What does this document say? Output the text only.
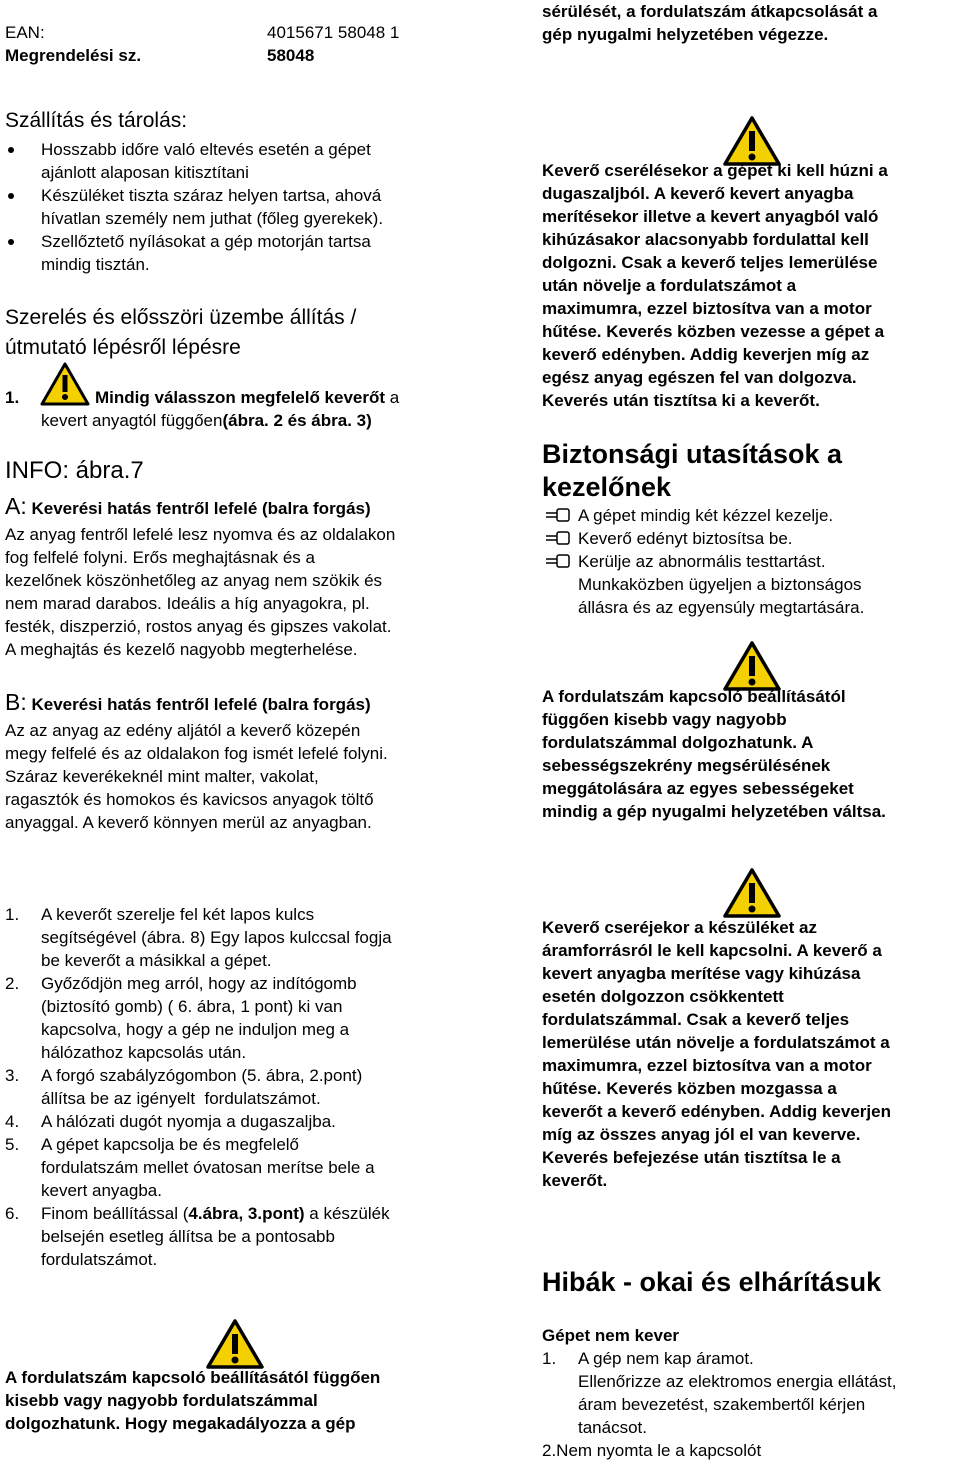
EAN:	4015671 58048 1
Megrendelési sz.	58048
sérülését, a fordulatszám átkapcsolását a
gép nyugalmi helyzetében végezze.
Szállítás és tárolás:
Hosszabb időre való eltevés esetén a gépet
ajánlott alaposan kitisztítani
Készüléket tiszta száraz helyen tartsa, ahová
hívatlan személy nem juthat (főleg gyerekek).
Szellőztető nyílásokat a gép motorján tartsa
mindig tisztán.
Szerelés és elősszöri üzembe állítás /
útmutató lépésről lépésre
1.	Mindig válasszon megfelelő keverőt a
kevert anyagtól függően(ábra. 2 és ábra. 3)
INFO: ábra.7
A: Keverési hatás fentről lefelé (balra forgás)
Az anyag fentről lefelé lesz nyomva és az oldalakon
fog felfelé folyni. Erős meghajtásnak és a
kezelőnek köszönhetőleg az anyag nem szökik és
nem marad darabos. Ideális a híg anyagokra, pl.
festék, diszperzió, rostos anyag és gipszes vakolat.
A meghajtás és kezelő nagyobb megterhelése.
B: Keverési hatás fentről lefelé (balra forgás)
Az az anyag az edény aljától a keverő közepén
megy felfelé és az oldalakon fog ismét lefelé folyni.
Száraz keverékeknél mint malter, vakolat,
ragasztók és homokos és kavicsos anyagok töltő
anyaggal. A keverő könnyen merül az anyagban.
Keverő cserélésekor a gépet ki kell húzni a
dugaszaljból. A keverő kevert anyagba
merítésekor illetve a kevert anyagból való
kihúzásakor alacsonyabb fordulattal kell
dolgozni. Csak a keverő teljes lemerülése
után növelje a fordulatszámot a
maximumra, ezzel biztosítva van a motor
hűtése. Keverés közben vezesse a gépet a
keverő edényben. Addig keverjen míg az
egész anyag egészen fel van dolgozva.
Keverés után tisztítsa ki a keverőt.
Biztonsági utasítások a
kezelőnek
A gépet mindig két kézzel kezelje.
Keverő edényt biztosítsa be.
Kerülje az abnormális testtartást.
Munkaközben ügyeljen a biztonságos
állásra és az egyensúly megtartására.
A fordulatszám kapcsoló beállításától
függően kisebb vagy nagyobb
fordulatszámmal dolgozhatunk. A
sebességszekrény megsérülésének
meggátolására az egyes sebességeket
mindig a gép nyugalmi helyzetében váltsa.
1.	A keverőt szerelje fel két lapos kulcs
segítségével (ábra. 8) Egy lapos kulccsal fogja
be keverőt a másikkal a gépet.
2.	Győződjön meg arról, hogy az indítógomb
(biztosító gomb) ( 6. ábra, 1 pont) ki van
kapcsolva, hogy a gép ne induljon meg a
hálózathoz kapcsolás után.
3.	A forgó szabályzógombon (5. ábra, 2.pont)
állítsa be az igényelt  fordulatszámot.
4.	A hálózati dugót nyomja a dugaszaljba.
5.	A gépet kapcsolja be és megfelelő
fordulatszám mellet óvatosan merítse bele a
kevert anyagba.
6.	Finom beállítással (4.ábra, 3.pont) a készülék
belsején esetleg állítsa be a pontosabb
fordulatszámot.
A fordulatszám kapcsoló beállításától függően
kisebb vagy nagyobb fordulatszámmal
dolgozhatunk. Hogy megakadályozza a gép
Keverő cseréjekor a készüléket az
áramforrásról le kell kapcsolni. A keverő a
kevert anyagba merítése vagy kihúzása
esetén dolgozzon csökkentett
fordulatszámmal. Csak a keverő teljes
lemerülése után növelje a fordulatszámot a
maximumra, ezzel biztosítva van a motor
hűtése. Keverés közben mozgassa a
keverőt a keverő edényben. Addig keverjen
míg az összes anyag jól el van keverve.
Keverés befejezése után tisztítsa le a
keverőt.
Hibák - okai és elhárításuk
Gépet nem kever
1.	A gép nem kap áramot.
Ellenőrizze az elektromos energia ellátást,
áram bevezetést, szakembertől kérjen
tanácsot.
2.Nem nyomta le a kapcsolót
